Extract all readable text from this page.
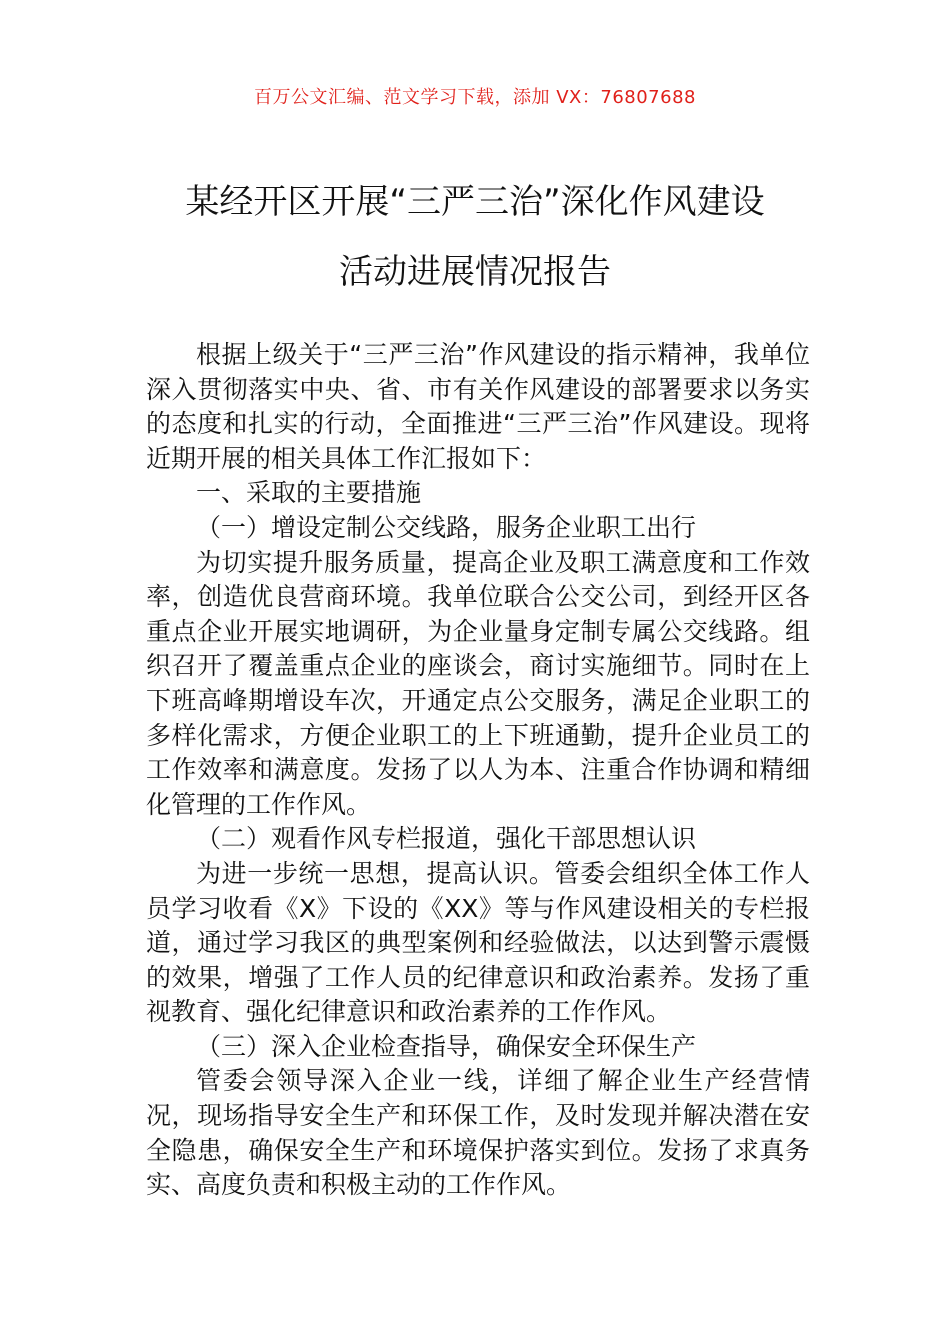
百万公文汇编、范文学习下载，添加 VX：76807688
某经开区开展“三严三治”深化作风建设
活动进展情况报告

根据上级关于“三严三治”作风建设的指示精神，我单位深入贯彻落实中央、省、市有关作风建设的部署要求以务实的态度和扎实的行动，全面推进“三严三治”作风建设。现将近期开展的相关具体工作汇报如下：

一、采取的主要措施

（一）增设定制公交线路，服务企业职工出行

为切实提升服务质量，提高企业及职工满意度和工作效率，创造优良营商环境。我单位联合公交公司，到经开区各重点企业开展实地调研，为企业量身定制专属公交线路。组织召开了覆盖重点企业的座谈会，商讨实施细节。同时在上下班高峰期增设车次，开通定点公交服务，满足企业职工的多样化需求，方便企业职工的上下班通勤，提升企业员工的工作效率和满意度。发扬了以人为本、注重合作协调和精细化管理的工作作风。

（二）观看作风专栏报道，强化干部思想认识

为进一步统一思想，提高认识。管委会组织全体工作人员学习收看《X》下设的《XX》等与作风建设相关的专栏报道，通过学习我区的典型案例和经验做法，以达到警示震慑的效果，增强了工作人员的纪律意识和政治素养。发扬了重视教育、强化纪律意识和政治素养的工作作风。

（三）深入企业检查指导，确保安全环保生产

管委会领导深入企业一线，详细了解企业生产经营情况，现场指导安全生产和环保工作，及时发现并解决潜在安全隐患，确保安全生产和环境保护落实到位。发扬了求真务实、高度负责和积极主动的工作作风。
